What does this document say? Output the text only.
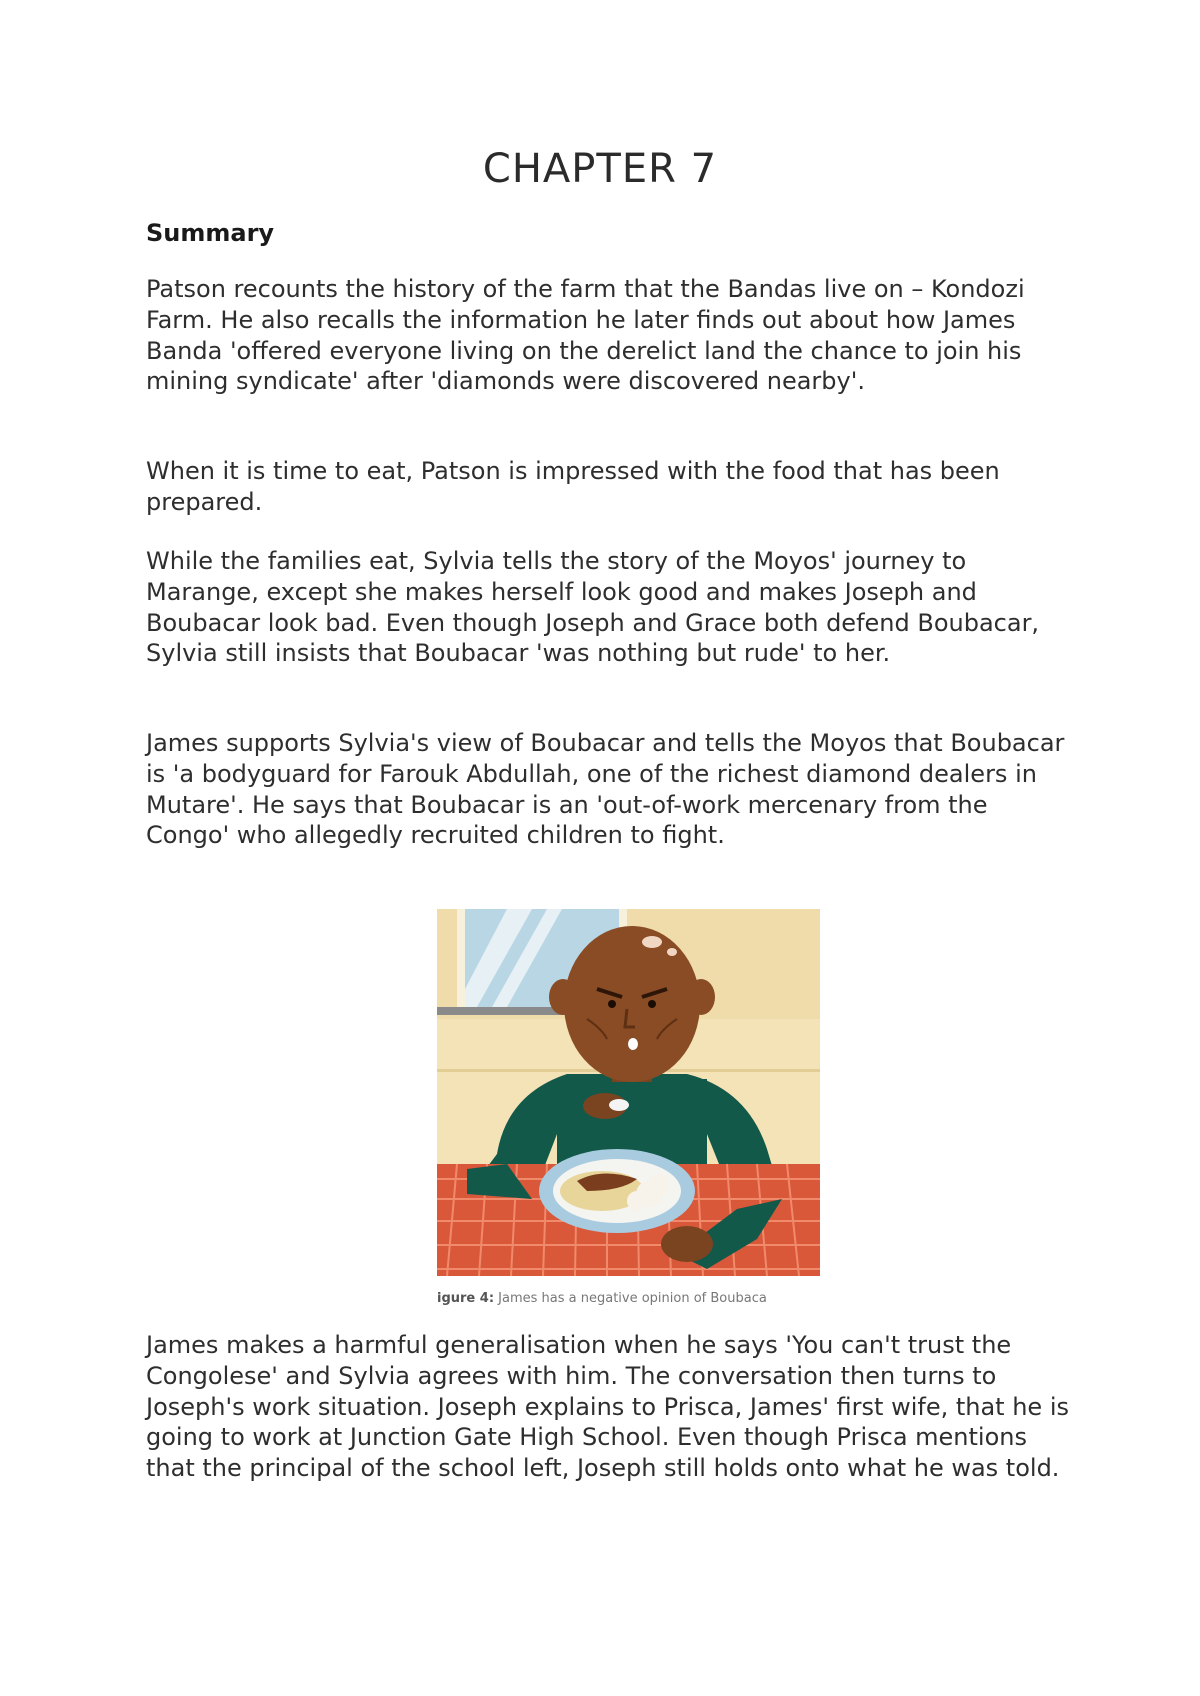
CHAPTER 7
Summary

Patson recounts the history of the farm that the Bandas live on – Kondozi Farm. He also recalls the information he later finds out about how James Banda 'offered everyone living on the derelict land the chance to join his mining syndicate' after 'diamonds were discovered nearby'.

When it is time to eat, Patson is impressed with the food that has been prepared.

While the families eat, Sylvia tells the story of the Moyos' journey to Marange, except she makes herself look good and makes Joseph and Boubacar look bad. Even though Joseph and Grace both defend Boubacar, Sylvia still insists that Boubacar 'was nothing but rude' to her.

James supports Sylvia's view of Boubacar and tells the Moyos that Boubacar is 'a bodyguard for Farouk Abdullah, one of the richest diamond dealers in Mutare'. He says that Boubacar is an 'out-of-work mercenary from the Congo' who allegedly recruited children to fight.

igure 4: James has a negative opinion of Boubaca

James makes a harmful generalisation when he says 'You can't trust the Congolese' and Sylvia agrees with him. The conversation then turns to Joseph's work situation. Joseph explains to Prisca, James' first wife, that he is going to work at Junction Gate High School. Even though Prisca mentions that the principal of the school left, Joseph still holds onto what he was told.
